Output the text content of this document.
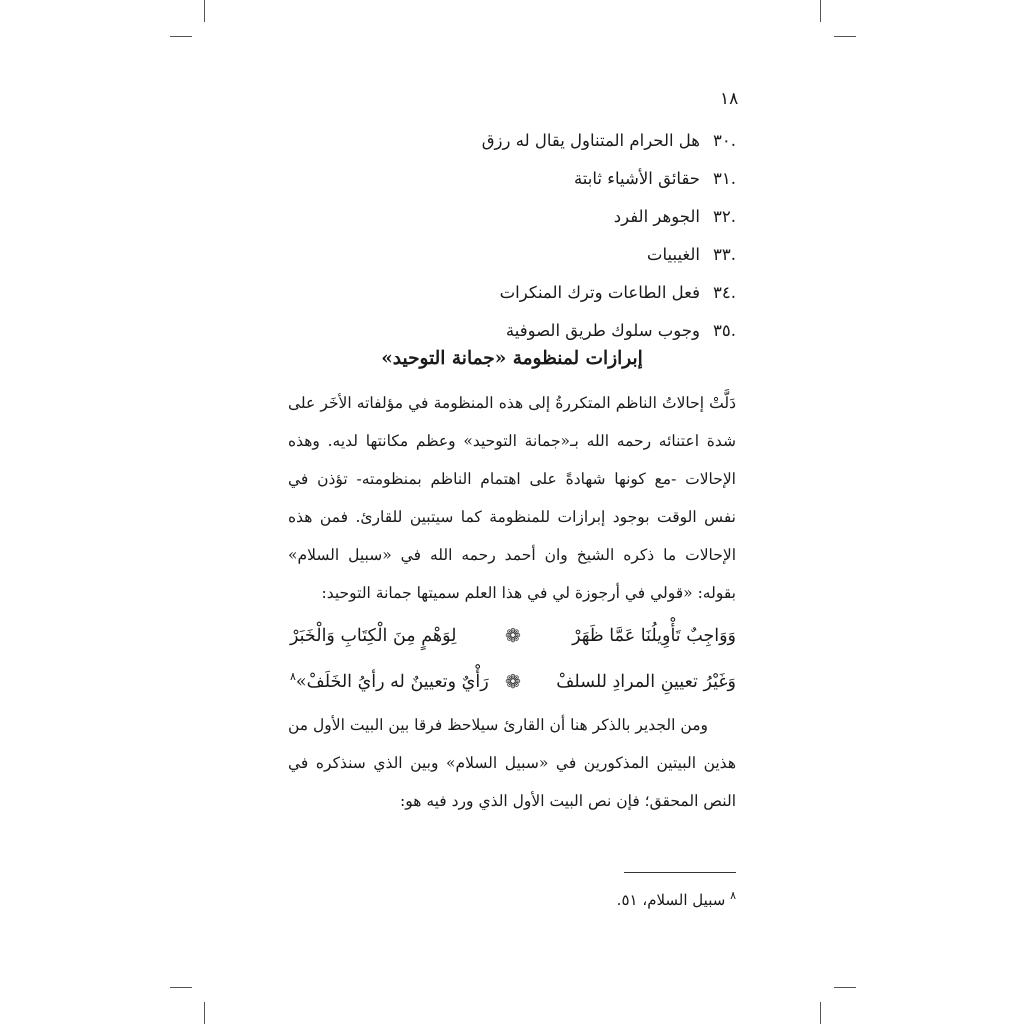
١٨
.٣٠هل الحرام المتناول يقال له رزق
.٣١حقائق الأشياء ثابتة
.٣٢الجوهر الفرد
.٣٣الغيبيات
.٣٤فعل الطاعات وترك المنكرات
.٣٥وجوب سلوك طريق الصوفية
إبرازات لمنظومة «جمانة التوحيد»

دَلَّتْ إحالاتُ الناظم المتكررةُ إلى هذه المنظومة في مؤلفاته الأخَر على شدة اعتنائه رحمه الله بـ«جمانة التوحيد» وعظم مكانتها لديه. وهذه الإحالات -مع كونها شهادةً على اهتمام الناظم بمنظومته- تؤذن في نفس الوقت بوجود إبرازات للمنظومة كما سيتبين للقارئ. فمن هذه الإحالات ما ذكره الشيخ وان أحمد رحمه الله في «سبيل السلام» بقوله: «قولي في أرجوزة لي في هذا العلم سميتها جمانة التوحيد:

وَوَاجِبٌ تَأْوِيلُنَا عَمَّا ظَهَرْ
❁
لِوَهْمٍ مِنَ الْكِتَابِ وَالْخَبَرْ
وَغَيْرُ تعيينِ المرادِ للسلفْ
❁
رَأْيٌ وتعيينٌ له رأيُ الخَلَفْ»$^٨$

ومن الجدير بالذكر هنا أن القارئ سيلاحظ فرقا بين البيت الأول من هذين البيتين المذكورين في «سبيل السلام» وبين الذي سنذكره في النص المحقق؛ فإن نص البيت الأول الذي ورد فيه هو:

$^٨$ سبيل السلام، ٥١.
